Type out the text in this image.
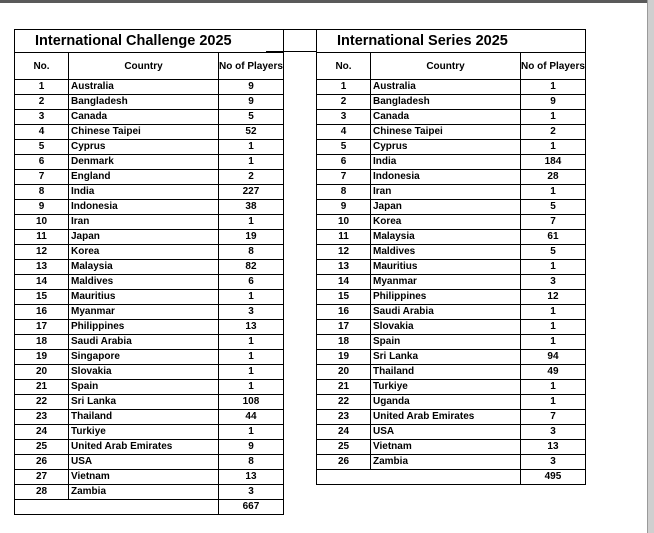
International Challenge 2025		
No.	Country	No of Players
1	Australia	9
2	Bangladesh	9
3	Canada	5
4	Chinese Taipei	52
5	Cyprus	1
6	Denmark	1
7	England	2
8	India	227
9	Indonesia	38
10	Iran	1
11	Japan	19
12	Korea	8
13	Malaysia	82
14	Maldives	6
15	Mauritius	1
16	Myanmar	3
17	Philippines	13
18	Saudi Arabia	1
19	Singapore	1
20	Slovakia	1
21	Spain	1
22	Sri Lanka	108
23	Thailand	44
24	Turkiye	1
25	United Arab Emirates	9
26	USA	8
27	Vietnam	13
28	Zambia	3
		667
International Series 2025		
No.	Country	No of Players
1	Australia	1
2	Bangladesh	9
3	Canada	1
4	Chinese Taipei	2
5	Cyprus	1
6	India	184
7	Indonesia	28
8	Iran	1
9	Japan	5
10	Korea	7
11	Malaysia	61
12	Maldives	5
13	Mauritius	1
14	Myanmar	3
15	Philippines	12
16	Saudi Arabia	1
17	Slovakia	1
18	Spain	1
19	Sri Lanka	94
20	Thailand	49
21	Turkiye	1
22	Uganda	1
23	United Arab Emirates	7
24	USA	3
25	Vietnam	13
26	Zambia	3
		495
